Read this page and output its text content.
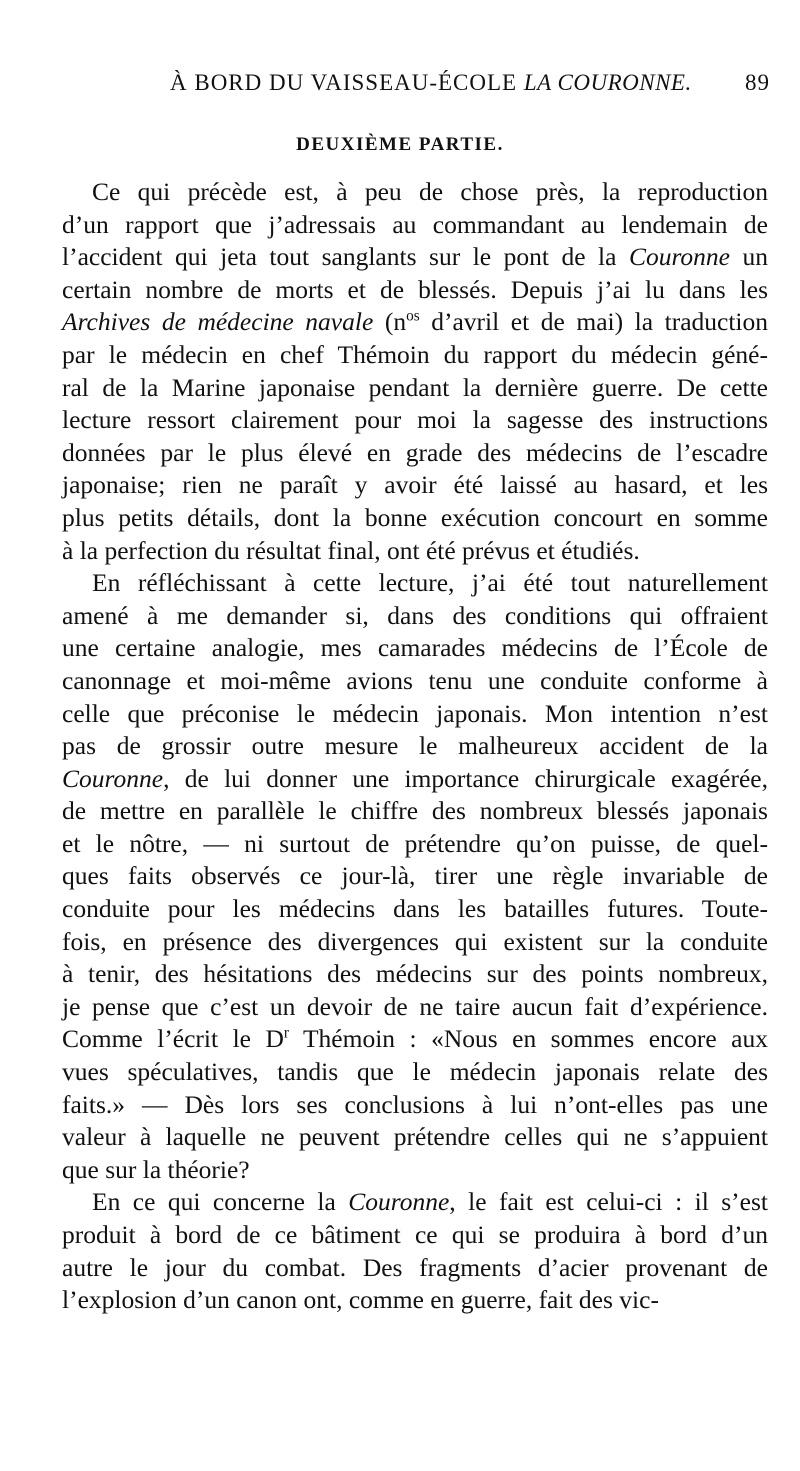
À BORD DU VAISSEAU-ÉCOLE LA COURONNE. 89
DEUXIÈME PARTIE.
Ce qui précède est, à peu de chose près, la reproduction
d’un rapport que j’adressais au commandant au lendemain de
l’accident qui jeta tout sanglants sur le pont de la Couronne un
certain nombre de morts et de blessés. Depuis j’ai lu dans les
Archives de médecine navale ($n^{os}$ d’avril et de mai) la traduction
par le médecin en chef Thémoin du rapport du médecin géné-
ral de la Marine japonaise pendant la dernière guerre. De cette
lecture ressort clairement pour moi la sagesse des instructions
données par le plus élevé en grade des médecins de l’escadre
japonaise; rien ne paraît y avoir été laissé au hasard, et les
plus petits détails, dont la bonne exécution concourt en somme
à la perfection du résultat final, ont été prévus et étudiés.
En réfléchissant à cette lecture, j’ai été tout naturellement
amené à me demander si, dans des conditions qui offraient
une certaine analogie, mes camarades médecins de l’École de
canonnage et moi-même avions tenu une conduite conforme à
celle que préconise le médecin japonais. Mon intention n’est
pas de grossir outre mesure le malheureux accident de la
Couronne, de lui donner une importance chirurgicale exagérée,
de mettre en parallèle le chiffre des nombreux blessés japonais
et le nôtre, — ni surtout de prétendre qu’on puisse, de quel-
ques faits observés ce jour-là, tirer une règle invariable de
conduite pour les médecins dans les batailles futures. Toute-
fois, en présence des divergences qui existent sur la conduite
à tenir, des hésitations des médecins sur des points nombreux,
je pense que c’est un devoir de ne taire aucun fait d’expérience.
Comme l’écrit le $D^r$ Thémoin : «Nous en sommes encore aux
vues spéculatives, tandis que le médecin japonais relate des
faits.» — Dès lors ses conclusions à lui n’ont-elles pas une
valeur à laquelle ne peuvent prétendre celles qui ne s’appuient
que sur la théorie?
En ce qui concerne la Couronne, le fait est celui-ci : il s’est
produit à bord de ce bâtiment ce qui se produira à bord d’un
autre le jour du combat. Des fragments d’acier provenant de
l’explosion d’un canon ont, comme en guerre, fait des vic-
